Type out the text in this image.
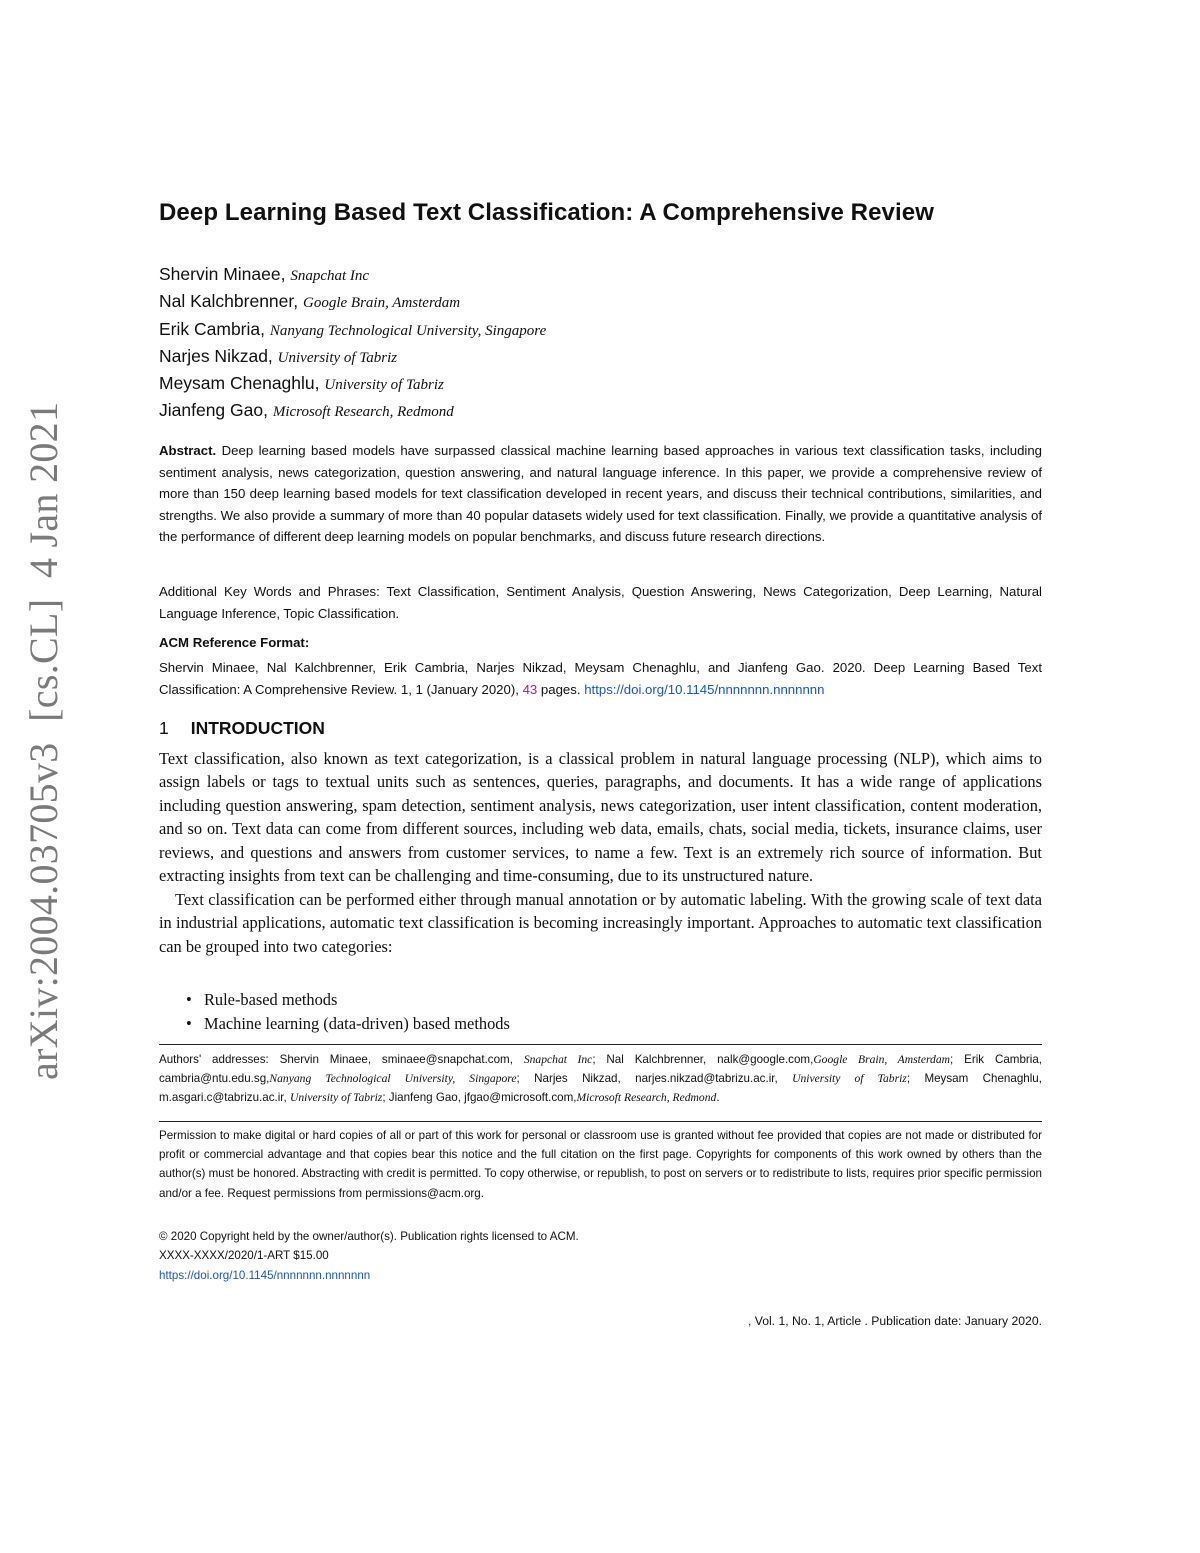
arXiv:2004.03705v3  [cs.CL]  4 Jan 2021
Deep Learning Based Text Classification: A Comprehensive Review
Shervin Minaee, Snapchat Inc
Nal Kalchbrenner, Google Brain, Amsterdam
Erik Cambria, Nanyang Technological University, Singapore
Narjes Nikzad, University of Tabriz
Meysam Chenaghlu, University of Tabriz
Jianfeng Gao, Microsoft Research, Redmond
Abstract. Deep learning based models have surpassed classical machine learning based approaches in various text classification tasks, including sentiment analysis, news categorization, question answering, and natural language inference. In this paper, we provide a comprehensive review of more than 150 deep learning based models for text classification developed in recent years, and discuss their technical contributions, similarities, and strengths. We also provide a summary of more than 40 popular datasets widely used for text classification. Finally, we provide a quantitative analysis of the performance of different deep learning models on popular benchmarks, and discuss future research directions.
Additional Key Words and Phrases: Text Classification, Sentiment Analysis, Question Answering, News Categorization, Deep Learning, Natural Language Inference, Topic Classification.
ACM Reference Format:
Shervin Minaee, Nal Kalchbrenner, Erik Cambria, Narjes Nikzad, Meysam Chenaghlu, and Jianfeng Gao. 2020. Deep Learning Based Text Classification: A Comprehensive Review. 1, 1 (January 2020), 43 pages. https://doi.org/10.1145/nnnnnnn.nnnnnnn
1 INTRODUCTION

Text classification, also known as text categorization, is a classical problem in natural language processing (NLP), which aims to assign labels or tags to textual units such as sentences, queries, paragraphs, and documents. It has a wide range of applications including question answering, spam detection, sentiment analysis, news categorization, user intent classification, content moderation, and so on. Text data can come from different sources, including web data, emails, chats, social media, tickets, insurance claims, user reviews, and questions and answers from customer services, to name a few. Text is an extremely rich source of information. But extracting insights from text can be challenging and time-consuming, due to its unstructured nature.

Text classification can be performed either through manual annotation or by automatic labeling. With the growing scale of text data in industrial applications, automatic text classification is becoming increasingly important. Approaches to automatic text classification can be grouped into two categories:

• Rule-based methods
• Machine learning (data-driven) based methods
Authors' addresses: Shervin Minaee, sminaee@snapchat.com, Snapchat Inc; Nal Kalchbrenner, nalk@google.com,Google Brain, Amsterdam; Erik Cambria, cambria@ntu.edu.sg,Nanyang Technological University, Singapore; Narjes Nikzad, narjes.nikzad@tabrizu.ac.ir, University of Tabriz; Meysam Chenaghlu, m.asgari.c@tabrizu.ac.ir, University of Tabriz; Jianfeng Gao, jfgao@microsoft.com,Microsoft Research, Redmond.
Permission to make digital or hard copies of all or part of this work for personal or classroom use is granted without fee provided that copies are not made or distributed for profit or commercial advantage and that copies bear this notice and the full citation on the first page. Copyrights for components of this work owned by others than the author(s) must be honored. Abstracting with credit is permitted. To copy otherwise, or republish, to post on servers or to redistribute to lists, requires prior specific permission and/or a fee. Request permissions from permissions@acm.org.
© 2020 Copyright held by the owner/author(s). Publication rights licensed to ACM.
XXXX-XXXX/2020/1-ART $15.00
https://doi.org/10.1145/nnnnnnn.nnnnnnn
, Vol. 1, No. 1, Article . Publication date: January 2020.
